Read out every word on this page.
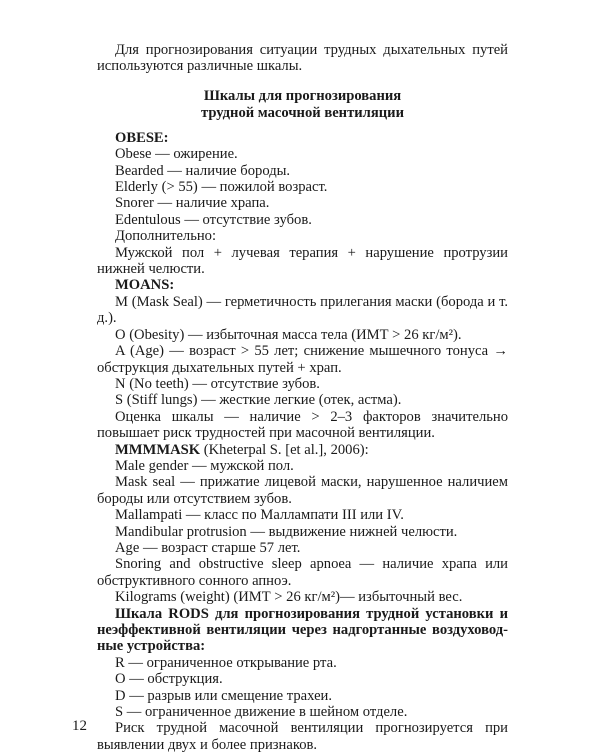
Для прогнозирования ситуации трудных дыхательных путей используются различные шкалы.

Шкалы для прогнозирования
трудной масочной вентиляции

OBESE:

Obese — ожирение.

Bearded — наличие бороды.

Elderly (> 55) — пожилой возраст.

Snorer — наличие храпа.

Edentulous — отсутствие зубов.

Дополнительно:

Мужской пол + лучевая терапия + нарушение протрузии нижней челюсти.

MOANS:

M (Mask Seal) — герметичность прилегания маски (борода и т. д.).

O (Obesity) — избыточная масса тела (ИМТ > 26 кг/м²).

A (Age) — возраст > 55 лет; снижение мышечного тонуса → обструкция дыхательных путей + храп.

N (No teeth) — отсутствие зубов.

S (Stiff lungs) — жесткие легкие (отек, астма).

Оценка шкалы — наличие > 2–3 факторов значительно повышает риск трудностей при масочной вентиляции.

MMMMASK (Kheterpal S. [et al.], 2006):

Male gender — мужской пол.

Mask seal — прижатие лицевой маски, нарушенное наличием бороды или отсутствием зубов.

Mallampati — класс по Маллампати III или IV.

Mandibular protrusion — выдвижение нижней челюсти.

Age — возраст старше 57 лет.

Snoring and obstructive sleep apnoea — наличие храпа или обструктивного сонного апноэ.

Kilograms (weight) (ИМТ > 26 кг/м²)— избыточный вес.

Шкала RODS для прогнозирования трудной установки и неэффективной вентиляции через надгортанные воздуховодные устройства:

R — ограниченное открывание рта.

O — обструкция.

D — разрыв или смещение трахеи.

S — ограниченное движение в шейном отделе.

Риск трудной масочной вентиляции прогнозируется при выявлении двух и более признаков.

12
